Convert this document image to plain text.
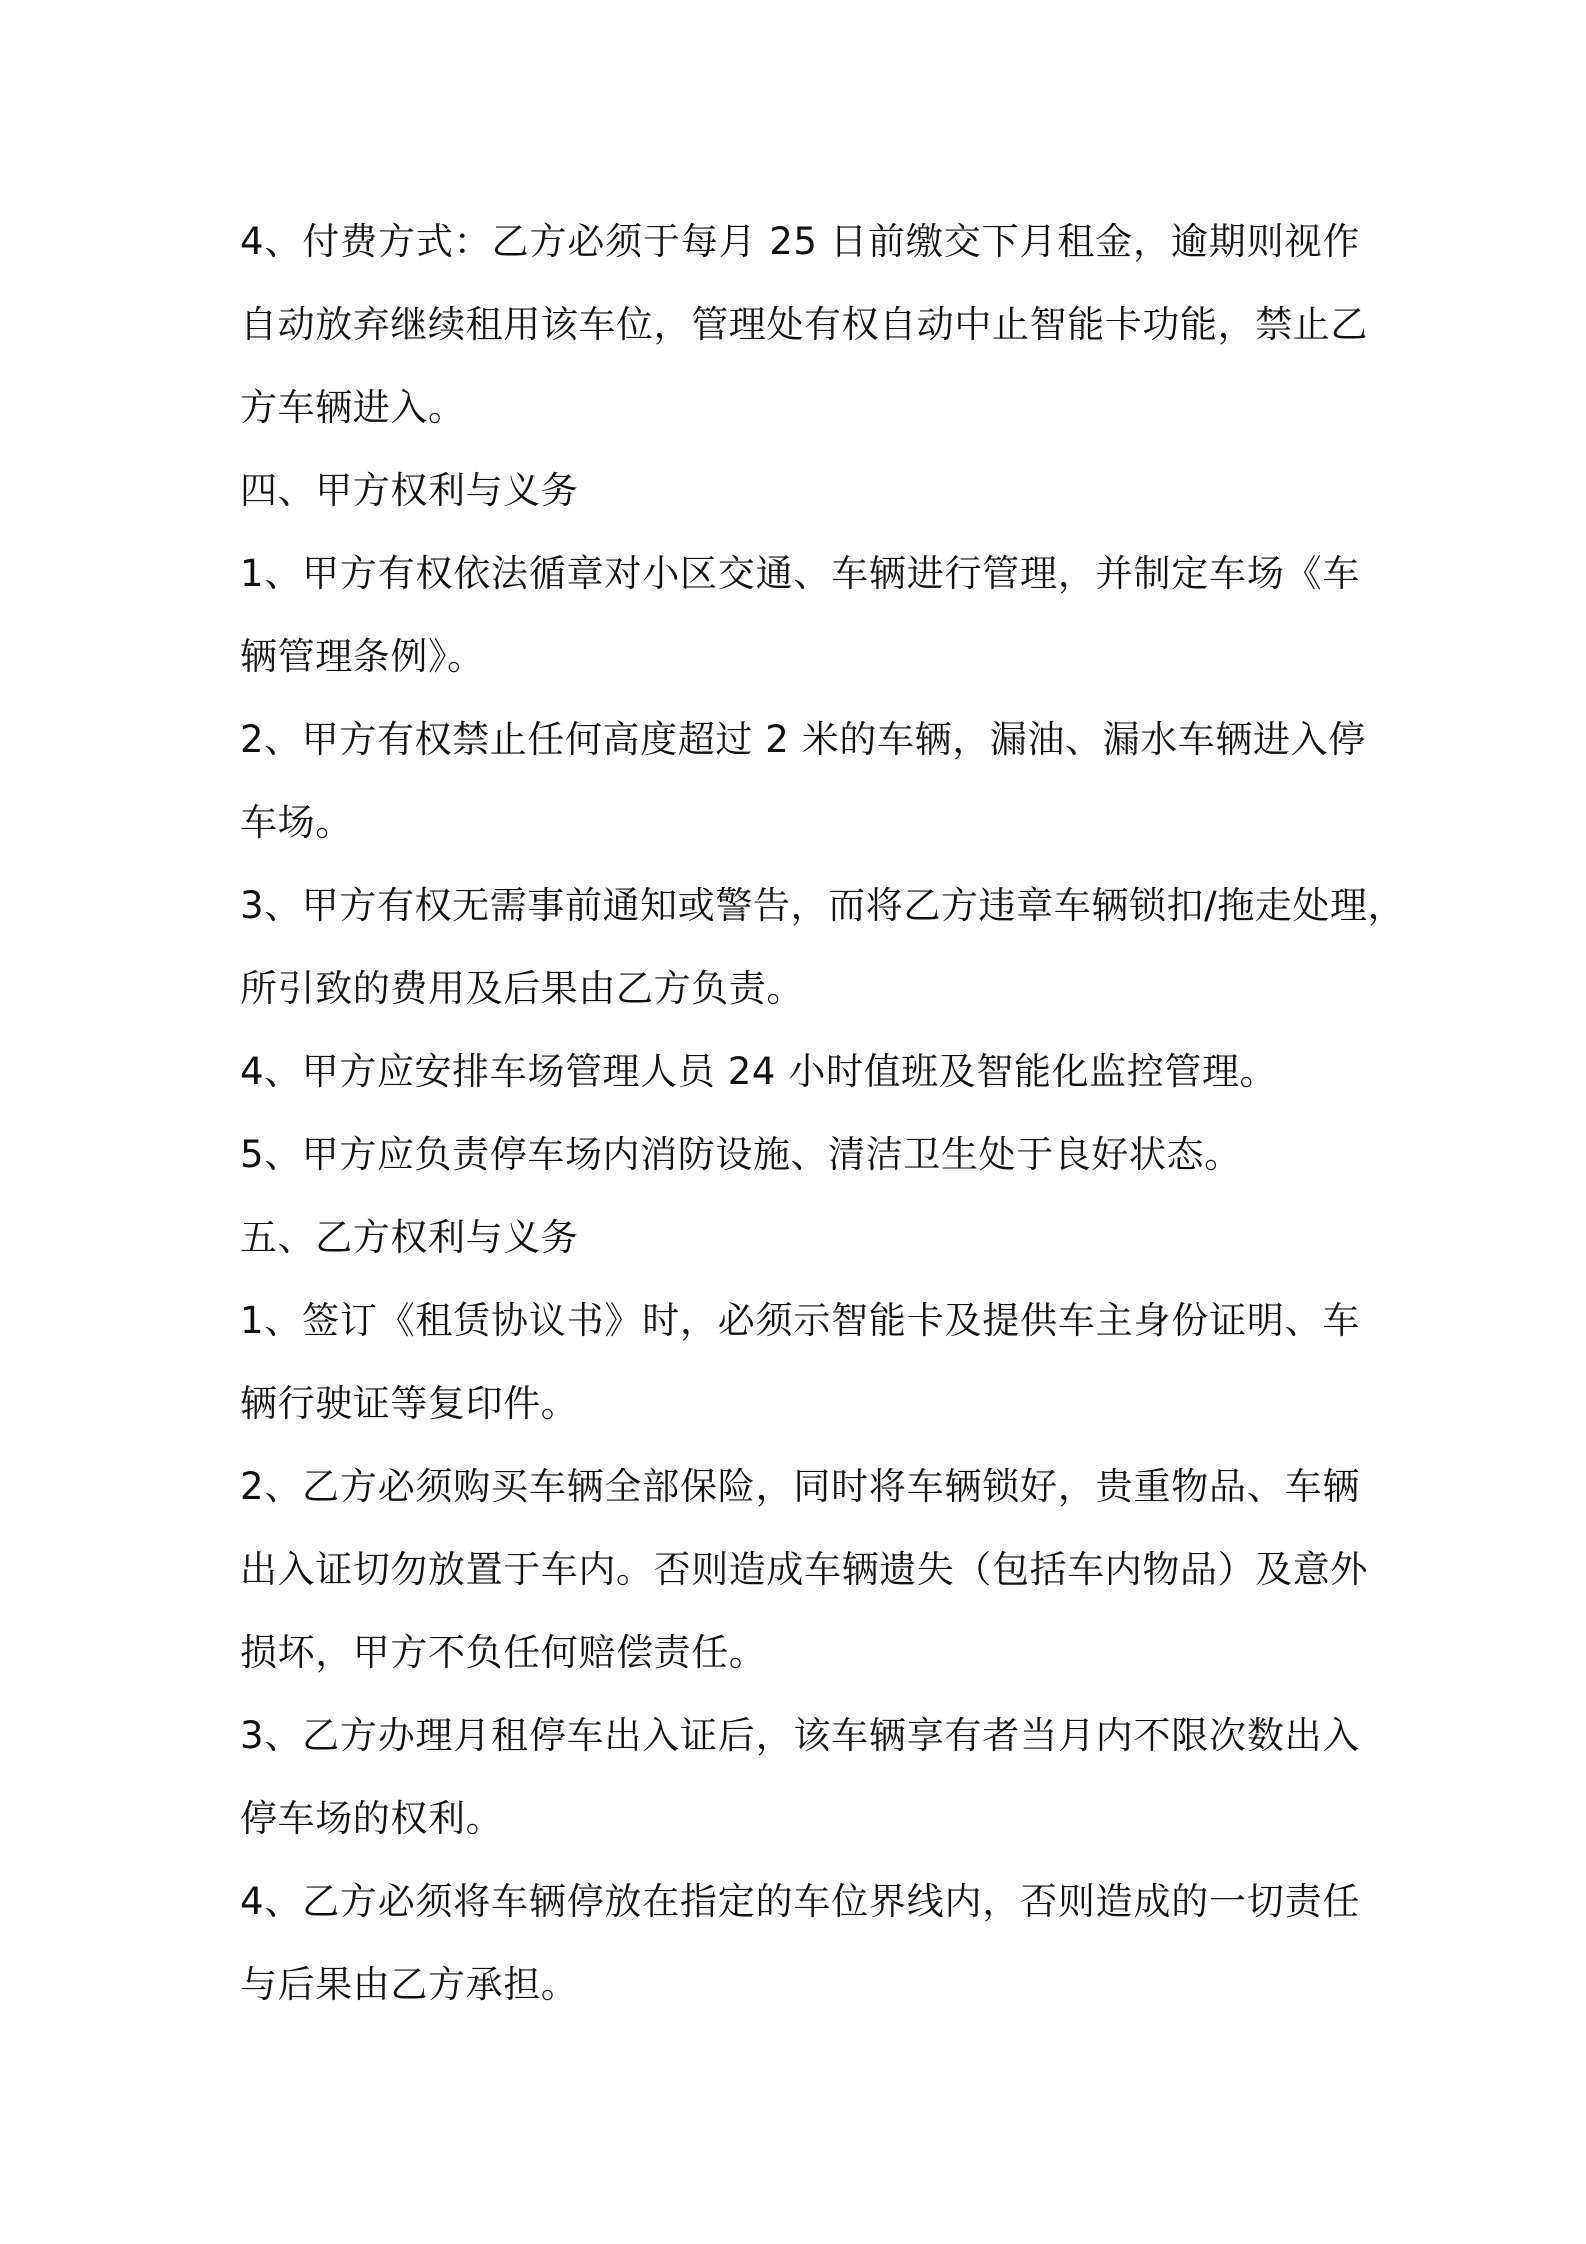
4、付费方式：乙方必须于每月 25 日前缴交下月租金，逾期则视作
自动放弃继续租用该车位，管理处有权自动中止智能卡功能，禁止乙
方车辆进入。

四、甲方权利与义务

1、甲方有权依法循章对小区交通、车辆进行管理，并制定车场《车
辆管理条例》。

2、甲方有权禁止任何高度超过 2 米的车辆，漏油、漏水车辆进入停
车场。

3、甲方有权无需事前通知或警告，而将乙方违章车辆锁扣/拖走处理，
所引致的费用及后果由乙方负责。

4、甲方应安排车场管理人员 24 小时值班及智能化监控管理。

5、甲方应负责停车场内消防设施、清洁卫生处于良好状态。

五、乙方权利与义务

1、签订《租赁协议书》时，必须示智能卡及提供车主身份证明、车
辆行驶证等复印件。

2、乙方必须购买车辆全部保险，同时将车辆锁好，贵重物品、车辆
出入证切勿放置于车内。否则造成车辆遗失（包括车内物品）及意外
损坏，甲方不负任何赔偿责任。

3、乙方办理月租停车出入证后，该车辆享有者当月内不限次数出入
停车场的权利。

4、乙方必须将车辆停放在指定的车位界线内，否则造成的一切责任
与后果由乙方承担。
